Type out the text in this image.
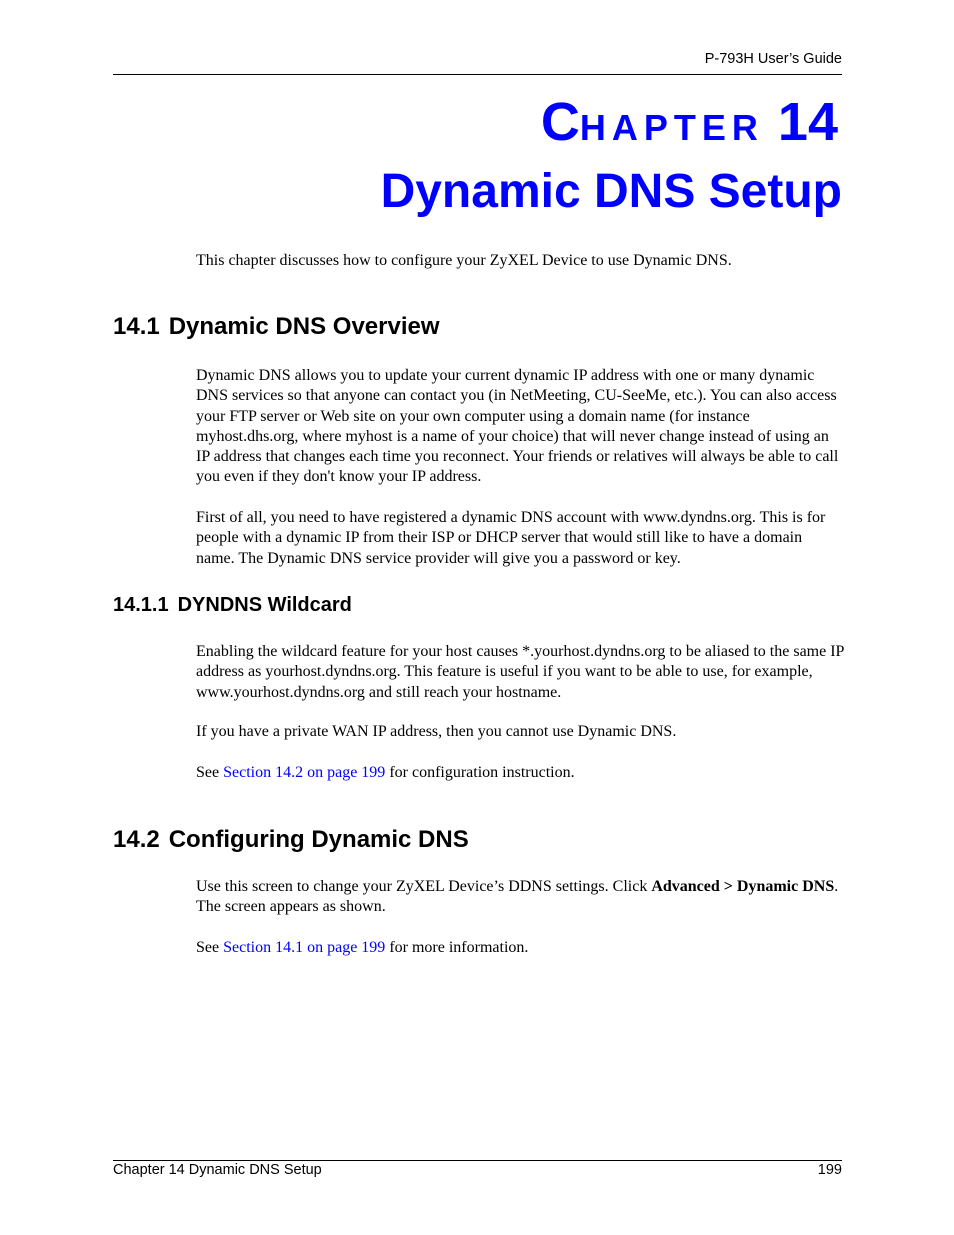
P-793H User’s Guide
CHAPTER 14
Dynamic DNS Setup

This chapter discusses how to configure your ZyXEL Device to use Dynamic DNS.

14.1 Dynamic DNS Overview

Dynamic DNS allows you to update your current dynamic IP address with one or many dynamic DNS services so that anyone can contact you (in NetMeeting, CU-SeeMe, etc.). You can also access your FTP server or Web site on your own computer using a domain name (for instance myhost.dhs.org, where myhost is a name of your choice) that will never change instead of using an IP address that changes each time you reconnect. Your friends or relatives will always be able to call you even if they don't know your IP address.

First of all, you need to have registered a dynamic DNS account with www.dyndns.org. This is for people with a dynamic IP from their ISP or DHCP server that would still like to have a domain name. The Dynamic DNS service provider will give you a password or key.

14.1.1 DYNDNS Wildcard

Enabling the wildcard feature for your host causes *.yourhost.dyndns.org to be aliased to the same IP address as yourhost.dyndns.org. This feature is useful if you want to be able to use, for example, www.yourhost.dyndns.org and still reach your hostname.

If you have a private WAN IP address, then you cannot use Dynamic DNS.

See Section 14.2 on page 199 for configuration instruction.

14.2 Configuring Dynamic DNS

Use this screen to change your ZyXEL Device’s DDNS settings. Click Advanced > Dynamic DNS. The screen appears as shown.

See Section 14.1 on page 199 for more information.

Chapter 14 Dynamic DNS Setup	199
